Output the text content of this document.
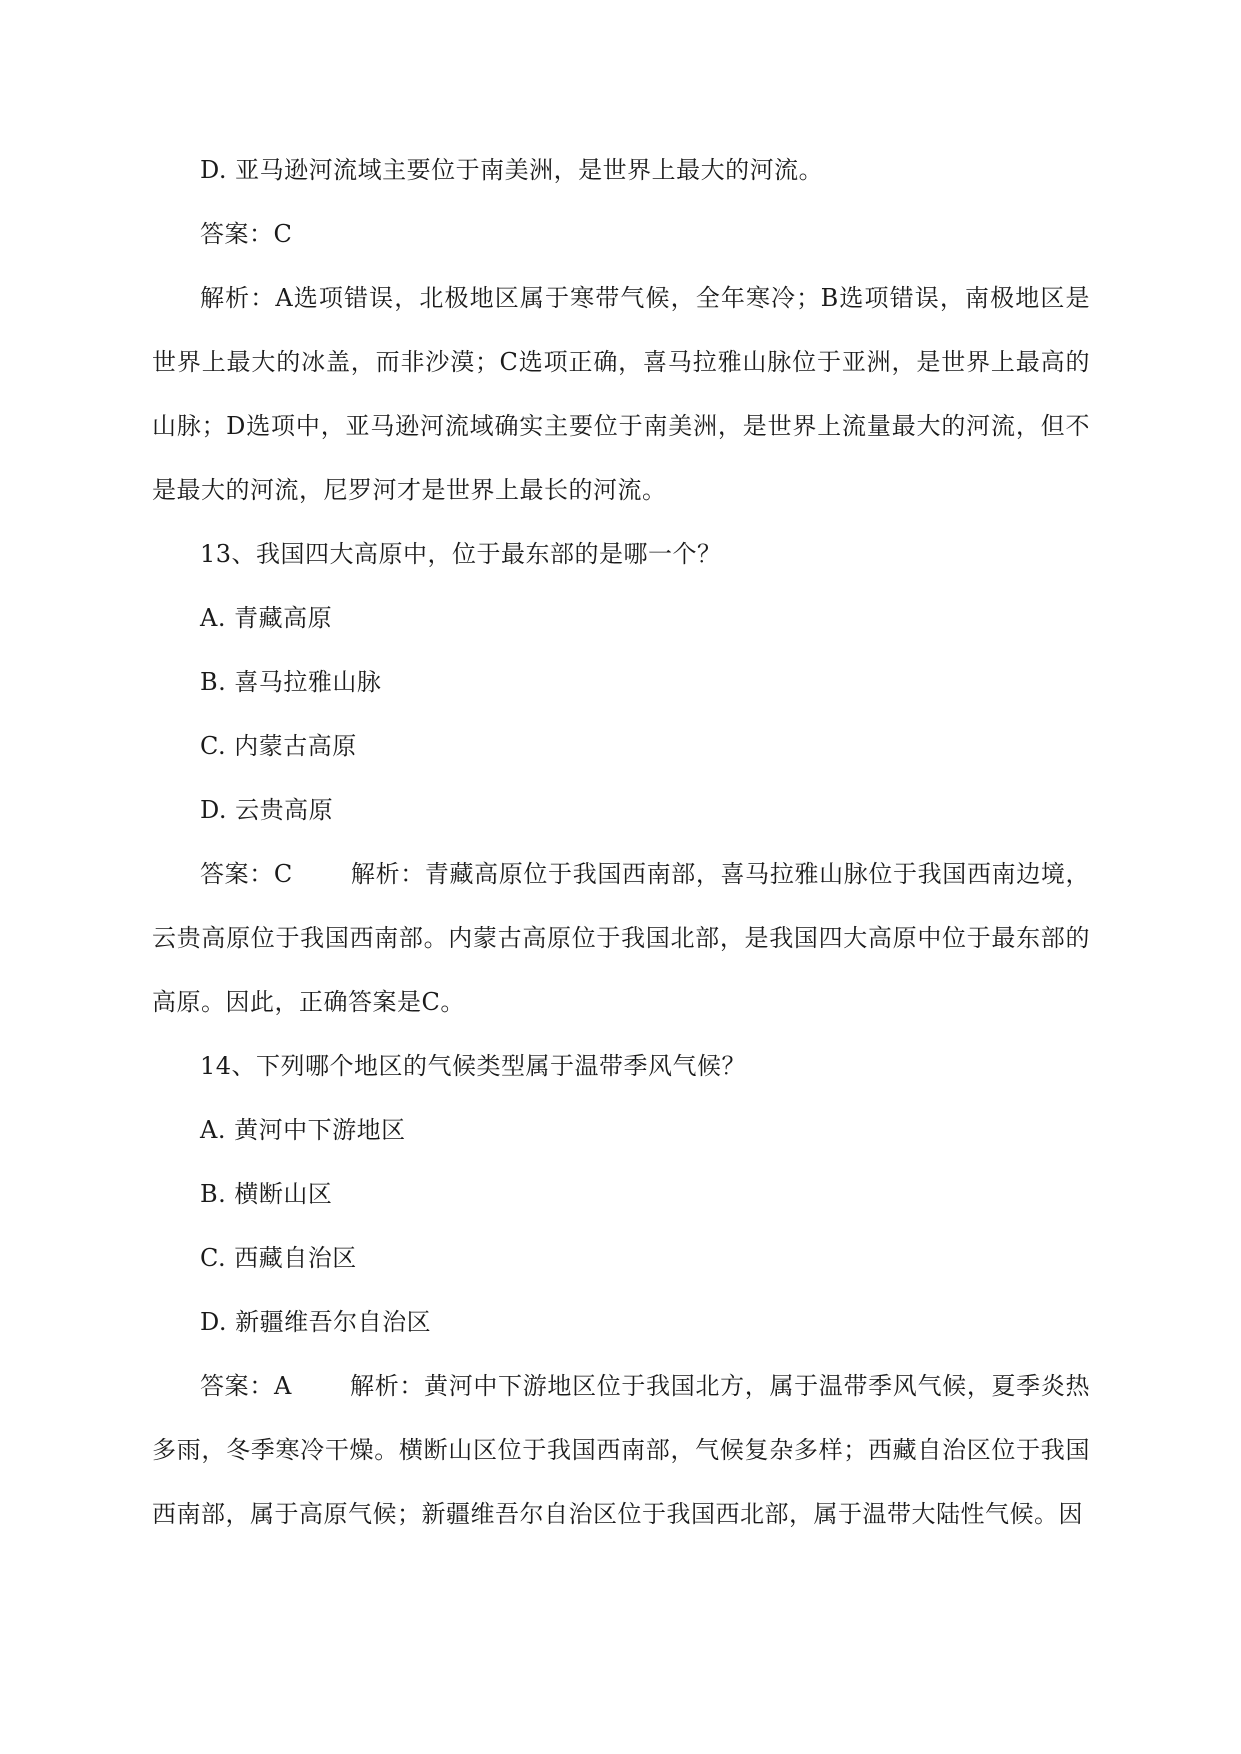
D. 亚马逊河流域主要位于南美洲，是世界上最大的河流。

答案：C

解析：A选项错误，北极地区属于寒带气候，全年寒冷；B选项错误，南极地区是世界上最大的冰盖，而非沙漠；C选项正确，喜马拉雅山脉位于亚洲，是世界上最高的山脉；D选项中，亚马逊河流域确实主要位于南美洲，是世界上流量最大的河流，但不是最大的河流，尼罗河才是世界上最长的河流。

13、我国四大高原中，位于最东部的是哪一个？

A. 青藏高原

B. 喜马拉雅山脉

C. 内蒙古高原

D. 云贵高原

答案：C 解析：青藏高原位于我国西南部，喜马拉雅山脉位于我国西南边境，云贵高原位于我国西南部。内蒙古高原位于我国北部，是我国四大高原中位于最东部的高原。因此，正确答案是C。

14、下列哪个地区的气候类型属于温带季风气候？

A. 黄河中下游地区

B. 横断山区

C. 西藏自治区

D. 新疆维吾尔自治区

答案：A 解析：黄河中下游地区位于我国北方，属于温带季风气候，夏季炎热多雨，冬季寒冷干燥。横断山区位于我国西南部，气候复杂多样；西藏自治区位于我国西南部，属于高原气候；新疆维吾尔自治区位于我国西北部，属于温带大陆性气候。因
